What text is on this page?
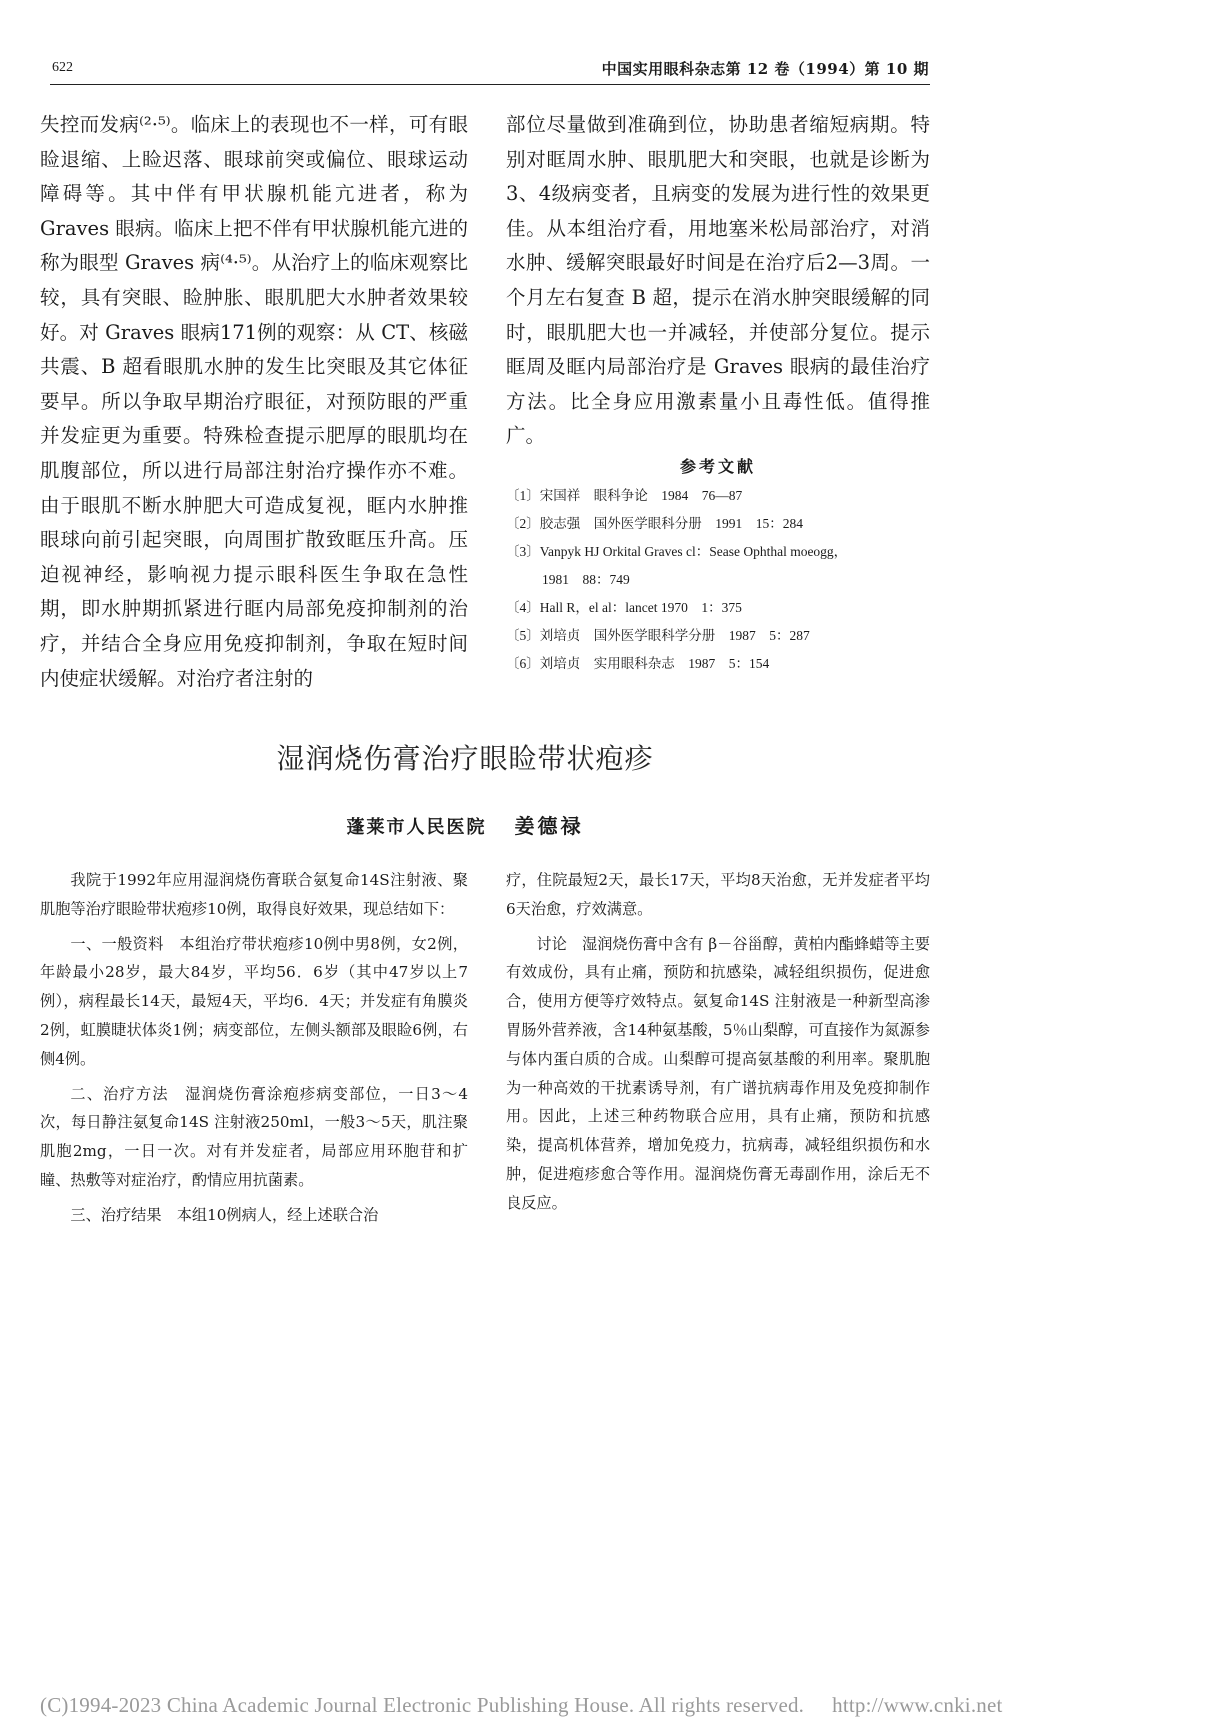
622	中国实用眼科杂志第 12 卷（1994）第 10 期

失控而发病⁽²·⁵⁾。临床上的表现也不一样，可有眼睑退缩、上睑迟落、眼球前突或偏位、眼球运动障碍等。其中伴有甲状腺机能亢进者，称为 Graves 眼病。临床上把不伴有甲状腺机能亢进的称为眼型 Graves 病⁽⁴·⁵⁾。从治疗上的临床观察比较，具有突眼、睑肿胀、眼肌肥大水肿者效果较好。对 Graves 眼病171例的观察：从 CT、核磁共震、B 超看眼肌水肿的发生比突眼及其它体征要早。所以争取早期治疗眼征，对预防眼的严重并发症更为重要。特殊检查提示肥厚的眼肌均在肌腹部位，所以进行局部注射治疗操作亦不难。由于眼肌不断水肿肥大可造成复视，眶内水肿推眼球向前引起突眼，向周围扩散致眶压升高。压迫视神经，影响视力提示眼科医生争取在急性期，即水肿期抓紧进行眶内局部免疫抑制剂的治疗，并结合全身应用免疫抑制剂，争取在短时间内使症状缓解。对治疗者注射的

部位尽量做到准确到位，协助患者缩短病期。特别对眶周水肿、眼肌肥大和突眼，也就是诊断为3、4级病变者，且病变的发展为进行性的效果更佳。从本组治疗看，用地塞米松局部治疗，对消水肿、缓解突眼最好时间是在治疗后2—3周。一个月左右复查 B 超，提示在消水肿突眼缓解的同时，眼肌肥大也一并减轻，并使部分复位。提示眶周及眶内局部治疗是 Graves 眼病的最佳治疗方法。比全身应用激素量小且毒性低。值得推广。

参考文献
〔1〕宋国祥　眼科争论　1984　76—87
〔2〕胶志强　国外医学眼科分册　1991　15：284
〔3〕Vanpyk HJ Orkital Graves cl：Sease Ophthal moeogg，
1981　88：749
〔4〕Hall R，el al：lancet 1970　1：375
〔5〕刘培贞　国外医学眼科学分册　1987　5：287
〔6〕刘培贞　实用眼科杂志　1987　5：154
湿润烧伤膏治疗眼睑带状疱疹
蓬莱市人民医院 姜德禄

我院于1992年应用湿润烧伤膏联合氨复命14S注射液、聚肌胞等治疗眼睑带状疱疹10例，取得良好效果，现总结如下：

一、一般资料　本组治疗带状疱疹10例中男8例，女2例，年龄最小28岁，最大84岁，平均56．6岁（其中47岁以上7例），病程最长14天，最短4天，平均6．4天；并发症有角膜炎2例，虹膜睫状体炎1例；病变部位，左侧头额部及眼睑6例，右侧4例。

二、治疗方法　湿润烧伤膏涂疱疹病变部位，一日3～4次，每日静注氨复命14S 注射液250ml，一般3～5天，肌注聚肌胞2mg，一日一次。对有并发症者，局部应用环胞苷和扩瞳、热敷等对症治疗，酌情应用抗菌素。

三、治疗结果　本组10例病人，经上述联合治

疗，住院最短2天，最长17天，平均8天治愈，无并发症者平均6天治愈，疗效满意。

讨论　湿润烧伤膏中含有 β－谷甾醇，黄柏内酯蜂蜡等主要有效成份，具有止痛，预防和抗感染，减轻组织损伤，促进愈合，使用方便等疗效特点。氨复命14S 注射液是一种新型高渗胃肠外营养液，含14种氨基酸，5％山梨醇，可直接作为氮源参与体内蛋白质的合成。山梨醇可提高氨基酸的利用率。聚肌胞为一种高效的干扰素诱导剂，有广谱抗病毒作用及免疫抑制作用。因此，上述三种药物联合应用，具有止痛，预防和抗感染，提高机体营养，增加免疫力，抗病毒，减轻组织损伤和水肿，促进疱疹愈合等作用。湿润烧伤膏无毒副作用，涂后无不良反应。

(C)1994-2023 China Academic Journal Electronic Publishing House. All rights reserved. http://www.cnki.net
